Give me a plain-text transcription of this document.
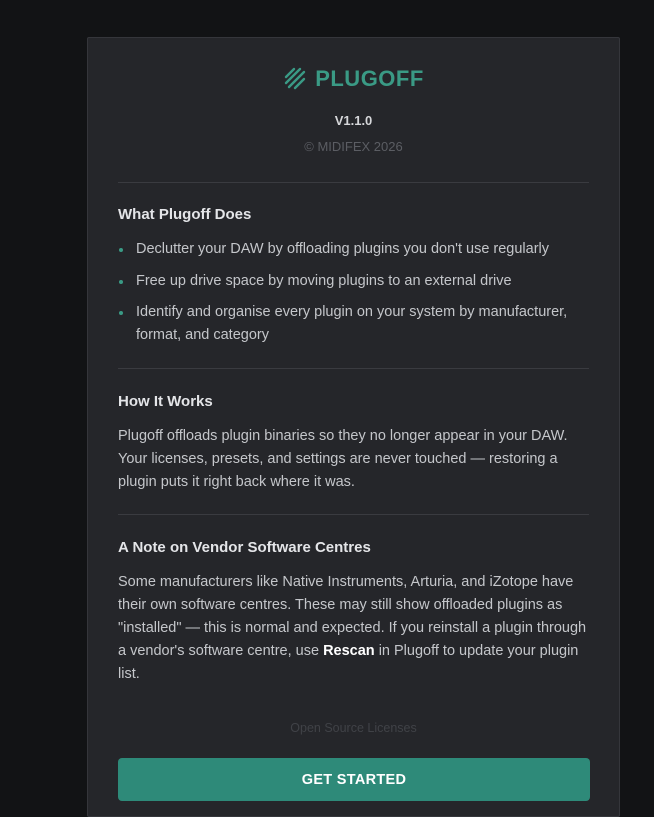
PLUGOFF
V1.1.0
© MIDIFEX 2026
What Plugoff Does
Declutter your DAW by offloading plugins you don't use regularly
Free up drive space by moving plugins to an external drive
Identify and organise every plugin on your system by manufacturer, format, and category
How It Works

Plugoff offloads plugin binaries so they no longer appear in your DAW. Your licenses, presets, and settings are never touched — restoring a plugin puts it right back where it was.

A Note on Vendor Software Centres

Some manufacturers like Native Instruments, Arturia, and iZotope have their own software centres. These may still show offloaded plugins as "installed" — this is normal and expected. If you reinstall a plugin through a vendor's software centre, use Rescan in Plugoff to update your plugin list.

Open Source Licenses
GET STARTED
